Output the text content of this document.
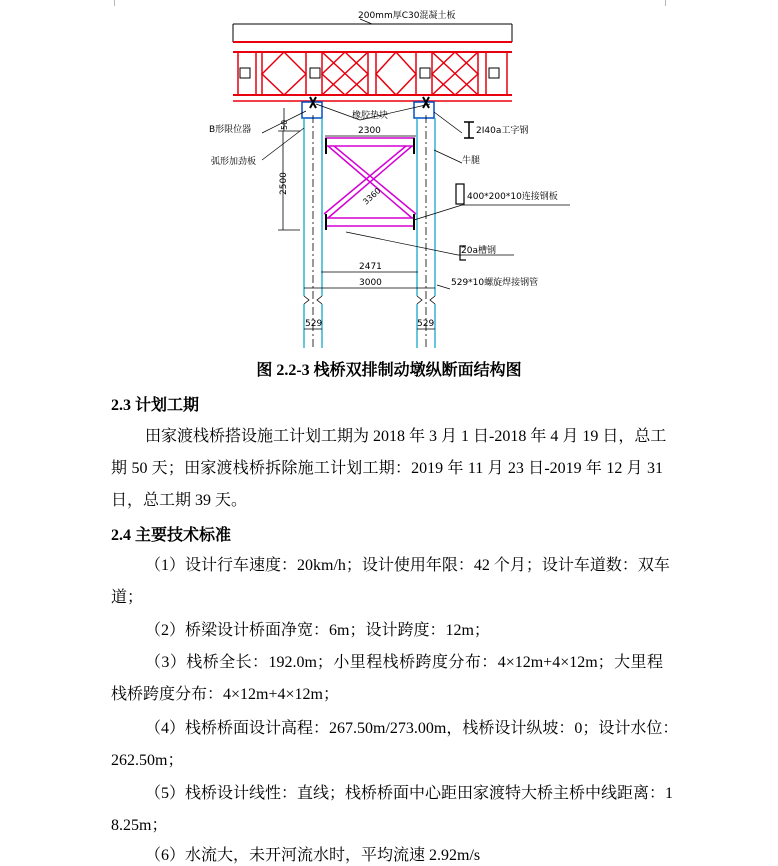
200mm厚C30混凝土板
橡胶垫块
B形限位器	2I40a工字钢
弧形加劲板	牛腿
400*200*10连接钢板
20a槽钢
529*10螺旋焊接钢管
2300
2471
3000
529	529
2500
50
3360
图 2.2-3 栈桥双排制动墩纵断面结构图
2.3 计划工期
田家渡栈桥搭设施工计划工期为 2018 年 3 月 1 日-2018 年 4 月 19 日，总工
期 50 天；田家渡栈桥拆除施工计划工期：2019 年 11 月 23 日-2019 年 12 月 31
日，总工期 39 天。
2.4 主要技术标准
（1）设计行车速度：20km/h；设计使用年限：42 个月；设计车道数：双车
道；
（2）桥梁设计桥面净宽：6m；设计跨度：12m；
（3）栈桥全长：192.0m；小里程栈桥跨度分布：4×12m+4×12m；大里程
栈桥跨度分布：4×12m+4×12m；
（4）栈桥桥面设计高程：267.50m/273.00m，栈桥设计纵坡：0；设计水位：
262.50m；
（5）栈桥设计线性：直线；栈桥桥面中心距田家渡特大桥主桥中线距离：1
8.25m；
（6）水流大，未开河流水时，平均流速 2.92m/s
